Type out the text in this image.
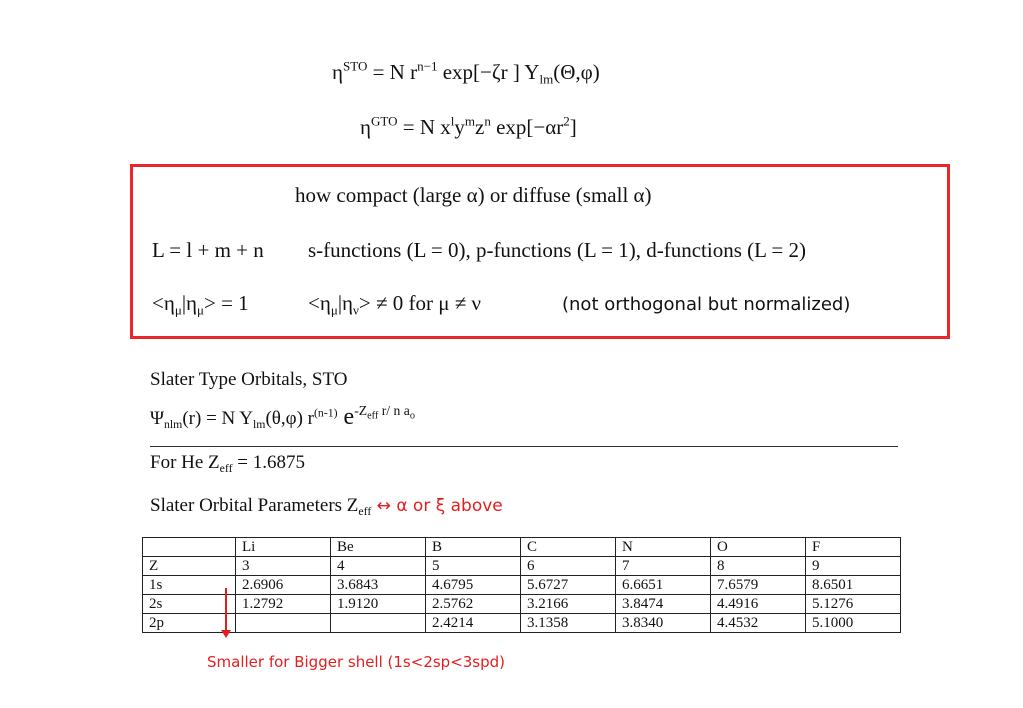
$\eta^{STO} = N$ $r^{n-1}$ exp[−ζr ] $Y_{lm}(\Theta,\varphi)$
$\eta^{GTO} = N$ $x^ly^mz^n$ $\exp[-\alpha r^2]$
how compact (large α) or diffuse (small α)
L = l + m + n s-functions (L = 0), p-functions (L = 1), d-functions (L = 2)
$<\eta_\mu|\eta_\mu> = 1$	$<\eta_\mu|\eta_\nu> \ne 0$ for μ ≠ ν	(not orthogonal but normalized)
Slater Type Orbitals, STO
$\Psi_{nlm}(r) = N$ $Y_{lm}(\theta,\varphi)$ $r^{(n-1)}$ $e^{-Z_{eff} r/ n a_o}$
For He $Z_{eff} = 1.6875$
Slater Orbital Parameters $Z_{eff}$ ↔ α or ξ above
	Li	Be	B	C	N	O	F
Z	3	4	5	6	7	8	9
1s	2.6906	3.6843	4.6795	5.6727	6.6651	7.6579	8.6501
2s	1.2792	1.9120	2.5762	3.2166	3.8474	4.4916	5.1276
2p			2.4214	3.1358	3.8340	4.4532	5.1000
Smaller for Bigger shell (1s<2sp<3spd)
